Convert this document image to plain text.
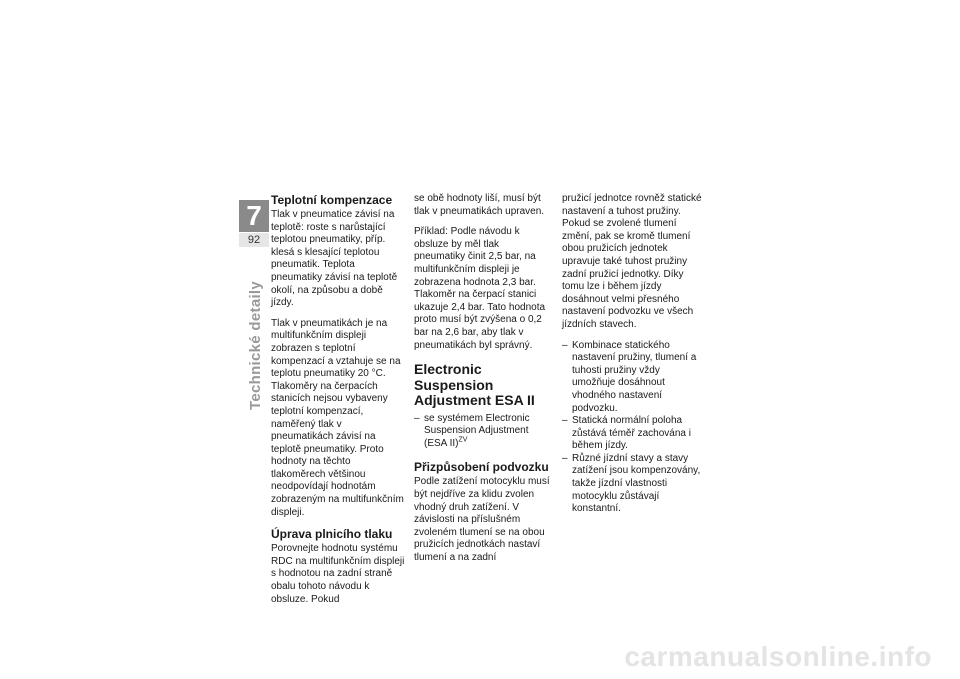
7
92
Technické detaily
Teplotní kompenzace

Tlak v pneumatice závisí na teplotě: roste s narůstající teplotou pneumatiky, příp. klesá s klesající teplotou pneumatik. Teplota pneumatiky závisí na teplotě okolí, na způsobu a době jízdy.

Tlak v pneumatikách je na multifunkčním displeji zobrazen s teplotní kompenzací a vztahuje se na teplotu pneumatiky 20 °C. Tlakoměry na čerpacích stanicích nejsou vybaveny teplotní kompenzací, naměřený tlak v pneumatikách závisí na teplotě pneumatiky. Proto hodnoty na těchto tlakoměrech většinou neodpovídají hodnotám zobrazeným na multifunkčním displeji.

Úprava plnicího tlaku

Porovnejte hodnotu systému RDC na multifunkčním displeji s hodnotou na zadní straně obalu tohoto návodu k obsluze. Pokud

se obě hodnoty liší, musí být tlak v pneumatikách upraven.

Příklad: Podle návodu k obsluze by měl tlak pneumatiky činit 2,5 bar, na multifunkčním displeji je zobrazena hodnota 2,3 bar. Tlakoměr na čerpací stanici ukazuje 2,4 bar. Tato hodnota proto musí být zvýšena o 0,2 bar na 2,6 bar, aby tlak v pneumatikách byl správný.

Electronic Suspension Adjustment ESA II
– se systémem Electronic Suspension Adjustment (ESA II)$^{ZV}$
Přizpůsobení podvozku

Podle zatížení motocyklu musí být nejdříve za klidu zvolen vhodný druh zatížení. V závislosti na příslušném zvoleném tlumení se na obou pružicích jednotkách nastaví tlumení a na zadní

pružicí jednotce rovněž statické nastavení a tuhost pružiny. Pokud se zvolené tlumení změní, pak se kromě tlumení obou pružicích jednotek upravuje také tuhost pružiny zadní pružicí jednotky. Díky tomu lze i během jízdy dosáhnout velmi přesného nastavení podvozku ve všech jízdních stavech.

– Kombinace statického nastavení pružiny, tlumení a tuhosti pružiny vždy umožňuje dosáhnout vhodného nastavení podvozku.
– Statická normální poloha zůstává téměř zachována i během jízdy.
– Různé jízdní stavy a stavy zatížení jsou kompenzovány, takže jízdní vlastnosti motocyklu zůstávají konstantní.
carmanualsonline.info
